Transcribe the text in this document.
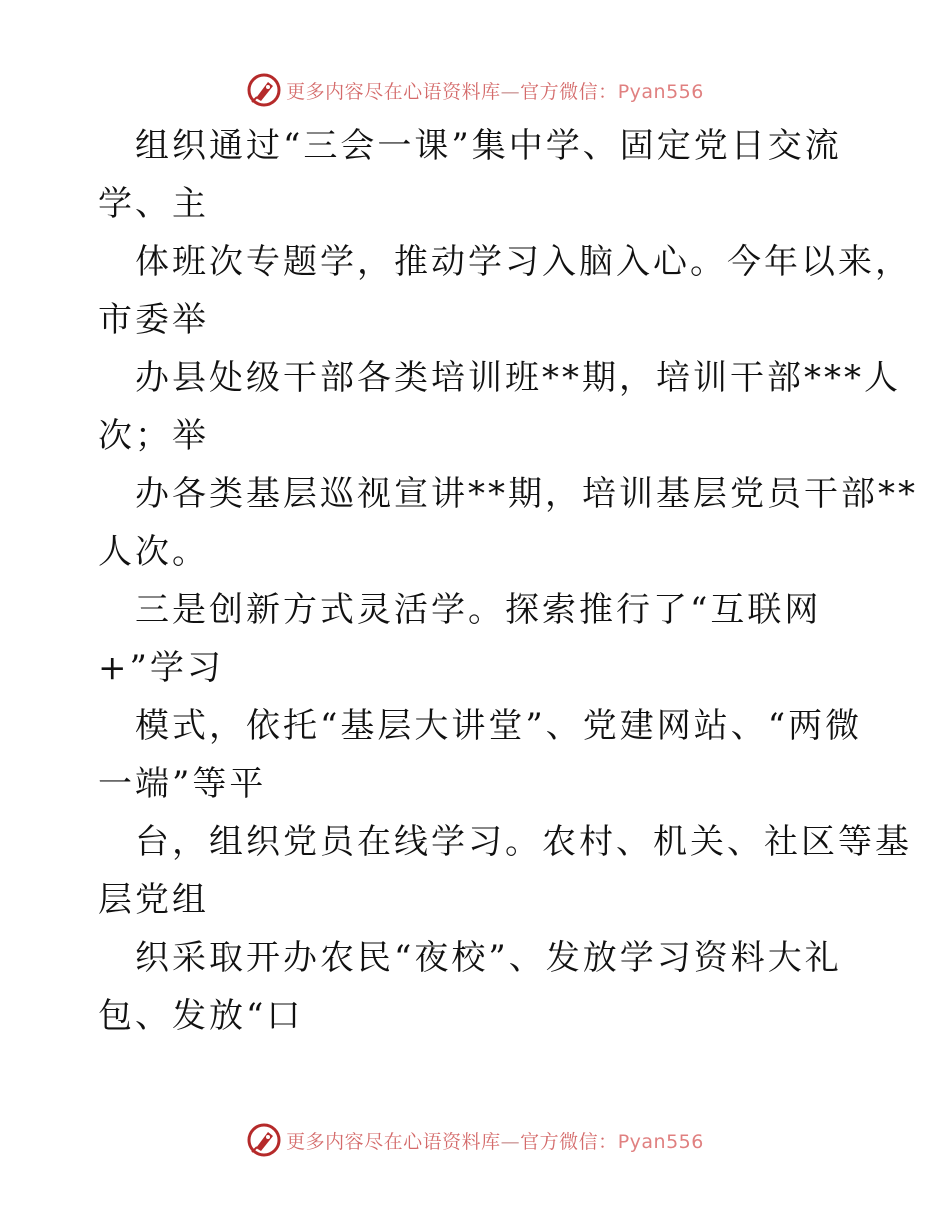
更多内容尽在心语资料库—官方微信：Pyan556
组织通过“三会一课”集中学、固定党日交流
学、主
体班次专题学，推动学习入脑入心。今年以来，
市委举
办县处级干部各类培训班**期，培训干部***人
次；举
办各类基层巡视宣讲**期，培训基层党员干部**
人次。
三是创新方式灵活学。探索推行了“互联网
+”学习
模式，依托“基层大讲堂”、党建网站、“两微
一端”等平
台，组织党员在线学习。农村、机关、社区等基
层党组
织采取开办农民“夜校”、发放学习资料大礼
包、发放“口
更多内容尽在心语资料库—官方微信：Pyan556
